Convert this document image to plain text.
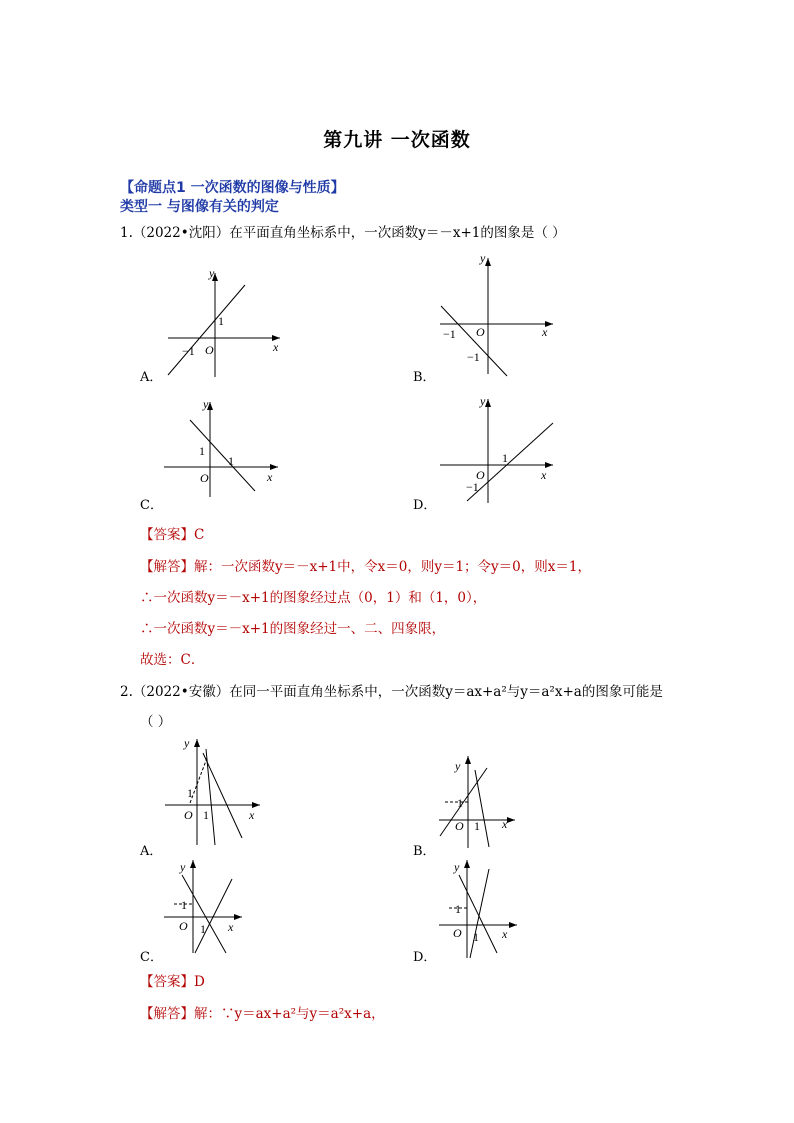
第九讲 一次函数
【命题点1 一次函数的图像与性质】
类型一 与图像有关的判定
1.（2022•沈阳）在平面直角坐标系中，一次函数y＝－x+1的图象是（ ）
y
x
O
1
−1
A．
y
x
O
−1
−1
B．
y
x
O
1
1
C．
y
x
O
1
−1
D．
【答案】C
【解答】解：一次函数y＝－x+1中，令x＝0，则y＝1；令y＝0，则x＝1，
∴一次函数y＝－x+1的图象经过点（0，1）和（1，0），
∴一次函数y＝－x+1的图象经过一、二、四象限，
故选：C．
2.（2022•安徽）在同一平面直角坐标系中，一次函数y＝ax+a²与y＝a²x+a的图象可能是
（ ）
y
x
O
1
1
A．
y
x
O
1
1
B．
y
x
O
1
1
C．
y
x
O
1
1
D．
【答案】D
【解答】解：∵y＝ax+a²与y＝a²x+a，
